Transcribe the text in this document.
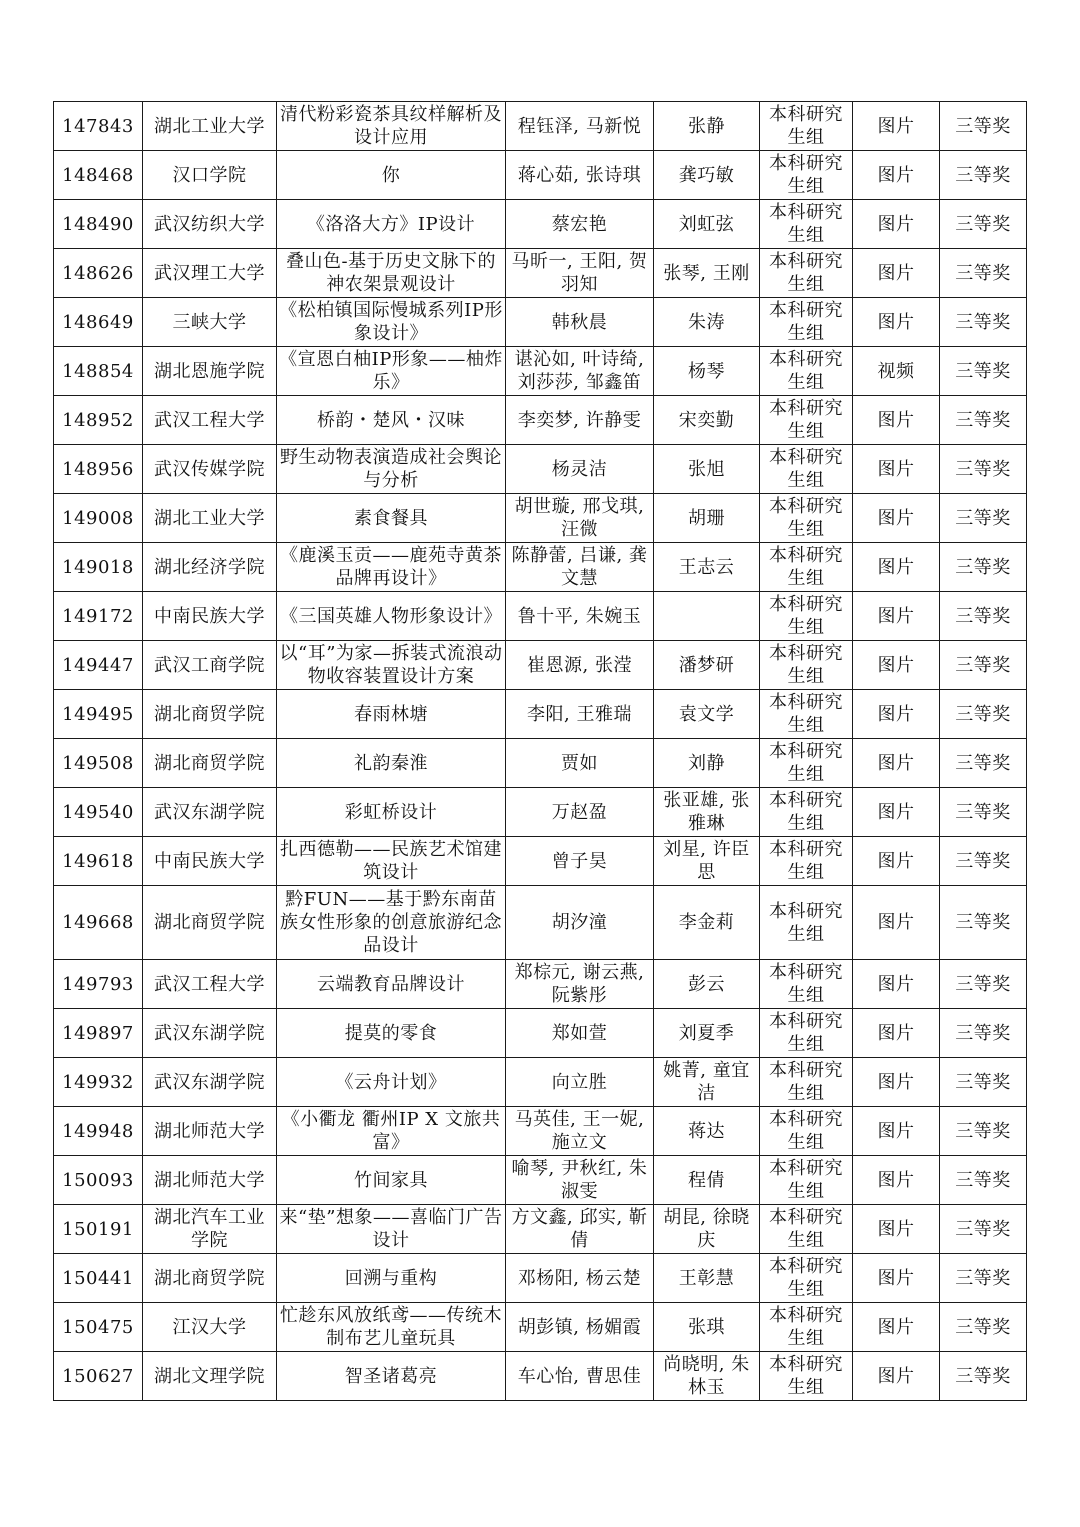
147843	湖北工业大学	清代粉彩瓷茶具纹样解析及设计应用	程钰泽, 马新悦	张静	本科研究生组	图片	三等奖
148468	汉口学院	你	蒋心茹, 张诗琪	龚巧敏	本科研究生组	图片	三等奖
148490	武汉纺织大学	《洛洛大方》IP设计	蔡宏艳	刘虹弦	本科研究生组	图片	三等奖
148626	武汉理工大学	叠山色-基于历史文脉下的神农架景观设计	马昕一, 王阳, 贺羽知	张琴, 王刚	本科研究生组	图片	三等奖
148649	三峡大学	《松柏镇国际慢城系列IP形象设计》	韩秋晨	朱涛	本科研究生组	图片	三等奖
148854	湖北恩施学院	《宣恩白柚IP形象——柚炸乐》	谌沁如, 叶诗绮, 刘莎莎, 邹鑫笛	杨琴	本科研究生组	视频	三等奖
148952	武汉工程大学	桥韵・楚风・汉味	李奕梦, 许静雯	宋奕勤	本科研究生组	图片	三等奖
148956	武汉传媒学院	野生动物表演造成社会舆论与分析	杨灵洁	张旭	本科研究生组	图片	三等奖
149008	湖北工业大学	素食餐具	胡世璇, 邢戈琪, 汪微	胡珊	本科研究生组	图片	三等奖
149018	湖北经济学院	《鹿溪玉贡——鹿苑寺黄茶品牌再设计》	陈静蕾, 吕谦, 龚文慧	王志云	本科研究生组	图片	三等奖
149172	中南民族大学	《三国英雄人物形象设计》	鲁十平, 朱婉玉		本科研究生组	图片	三等奖
149447	武汉工商学院	以“耳”为家—拆装式流浪动物收容装置设计方案	崔恩源, 张滢	潘梦研	本科研究生组	图片	三等奖
149495	湖北商贸学院	春雨林塘	李阳, 王雅瑞	袁文学	本科研究生组	图片	三等奖
149508	湖北商贸学院	礼韵秦淮	贾如	刘静	本科研究生组	图片	三等奖
149540	武汉东湖学院	彩虹桥设计	万赵盈	张亚雄, 张雅琳	本科研究生组	图片	三等奖
149618	中南民族大学	扎西德勒——民族艺术馆建筑设计	曾子昊	刘星, 许臣思	本科研究生组	图片	三等奖
149668	湖北商贸学院	黔FUN——基于黔东南苗族女性形象的创意旅游纪念品设计	胡汐潼	李金莉	本科研究生组	图片	三等奖
149793	武汉工程大学	云端教育品牌设计	郑棕元, 谢云燕, 阮紫彤	彭云	本科研究生组	图片	三等奖
149897	武汉东湖学院	提莫的零食	郑如萱	刘夏季	本科研究生组	图片	三等奖
149932	武汉东湖学院	《云舟计划》	向立胜	姚菁, 童宜洁	本科研究生组	图片	三等奖
149948	湖北师范大学	《小衢龙 衢州IP X 文旅共富》	马英佳, 王一妮, 施立文	蒋达	本科研究生组	图片	三等奖
150093	湖北师范大学	竹间家具	喻琴, 尹秋红, 朱淑雯	程倩	本科研究生组	图片	三等奖
150191	湖北汽车工业学院	来“垫”想象——喜临门广告设计	方文鑫, 邱实, 靳倩	胡昆, 徐晓庆	本科研究生组	图片	三等奖
150441	湖北商贸学院	回溯与重构	邓杨阳, 杨云楚	王彰慧	本科研究生组	图片	三等奖
150475	江汉大学	忙趁东风放纸鸢——传统木制布艺儿童玩具	胡彭镇, 杨媚霞	张琪	本科研究生组	图片	三等奖
150627	湖北文理学院	智圣诸葛亮	车心怡, 曹思佳	尚晓明, 朱林玉	本科研究生组	图片	三等奖
